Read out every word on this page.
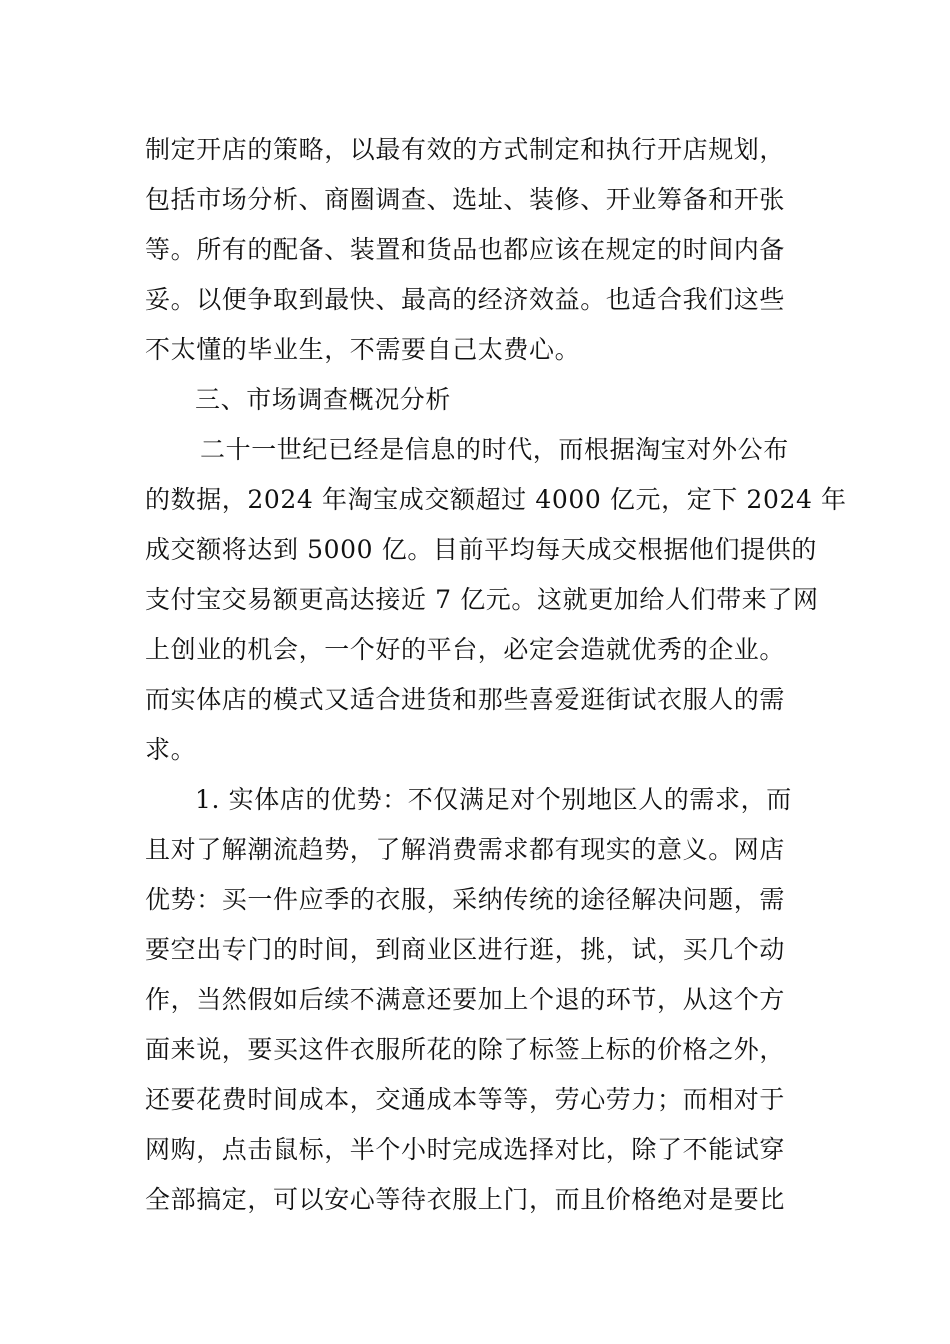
制定开店的策略，以最有效的方式制定和执行开店规划，
包括市场分析、商圈调查、选址、装修、开业筹备和开张
等。所有的配备、装置和货品也都应该在规定的时间内备
妥。以便争取到最快、最高的经济效益。也适合我们这些
不太懂的毕业生，不需要自己太费心。
三、市场调查概况分析
二十一世纪已经是信息的时代，而根据淘宝对外公布
的数据，2024 年淘宝成交额超过 4000 亿元，定下 2024 年
成交额将达到 5000 亿。目前平均每天成交根据他们提供的
支付宝交易额更高达接近 7 亿元。这就更加给人们带来了网
上创业的机会，一个好的平台，必定会造就优秀的企业。
而实体店的模式又适合进货和那些喜爱逛街试衣服人的需
求。
1. 实体店的优势：不仅满足对个别地区人的需求，而
且对了解潮流趋势，了解消费需求都有现实的意义。网店
优势：买一件应季的衣服，采纳传统的途径解决问题，需
要空出专门的时间，到商业区进行逛，挑，试，买几个动
作，当然假如后续不满意还要加上个退的环节，从这个方
面来说，要买这件衣服所花的除了标签上标的价格之外，
还要花费时间成本，交通成本等等，劳心劳力；而相对于
网购，点击鼠标，半个小时完成选择对比，除了不能试穿
全部搞定，可以安心等待衣服上门，而且价格绝对是要比
